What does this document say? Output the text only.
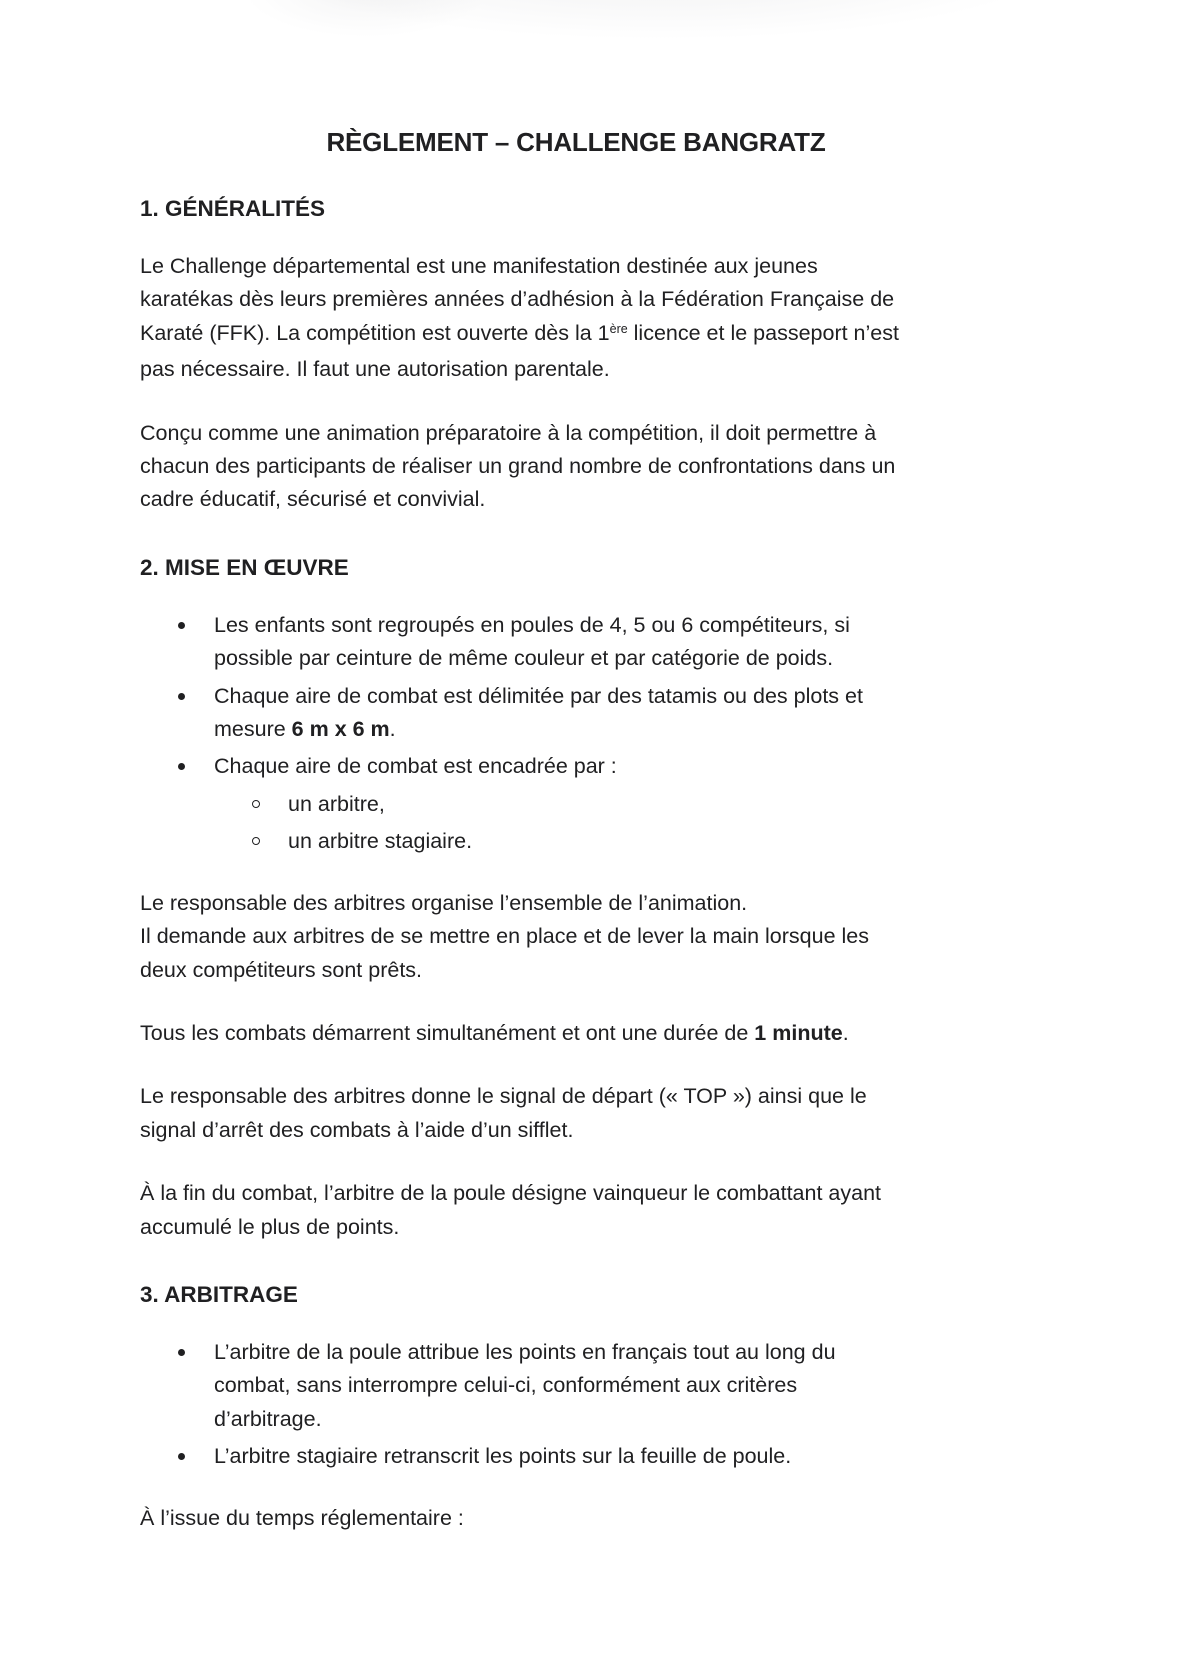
RÈGLEMENT – CHALLENGE BANGRATZ
1. GÉNÉRALITÉS
Le Challenge départemental est une manifestation destinée aux jeunes
karatékas dès leurs premières années d’adhésion à la Fédération Française de
Karaté (FFK). La compétition est ouverte dès la 1ère licence et le passeport n’est
pas nécessaire. Il faut une autorisation parentale.
Conçu comme une animation préparatoire à la compétition, il doit permettre à
chacun des participants de réaliser un grand nombre de confrontations dans un
cadre éducatif, sécurisé et convivial.
2. MISE EN ŒUVRE
Les enfants sont regroupés en poules de 4, 5 ou 6 compétiteurs, si
possible par ceinture de même couleur et par catégorie de poids.
Chaque aire de combat est délimitée par des tatamis ou des plots et
mesure 6 m x 6 m.
Chaque aire de combat est encadrée par :
un arbitre,
un arbitre stagiaire.
Le responsable des arbitres organise l’ensemble de l’animation.
Il demande aux arbitres de se mettre en place et de lever la main lorsque les
deux compétiteurs sont prêts.
Tous les combats démarrent simultanément et ont une durée de 1 minute.
Le responsable des arbitres donne le signal de départ (« TOP ») ainsi que le
signal d’arrêt des combats à l’aide d’un sifflet.
À la fin du combat, l’arbitre de la poule désigne vainqueur le combattant ayant
accumulé le plus de points.
3. ARBITRAGE
L’arbitre de la poule attribue les points en français tout au long du
combat, sans interrompre celui-ci, conformément aux critères
d’arbitrage.
L’arbitre stagiaire retranscrit les points sur la feuille de poule.
À l’issue du temps réglementaire :
